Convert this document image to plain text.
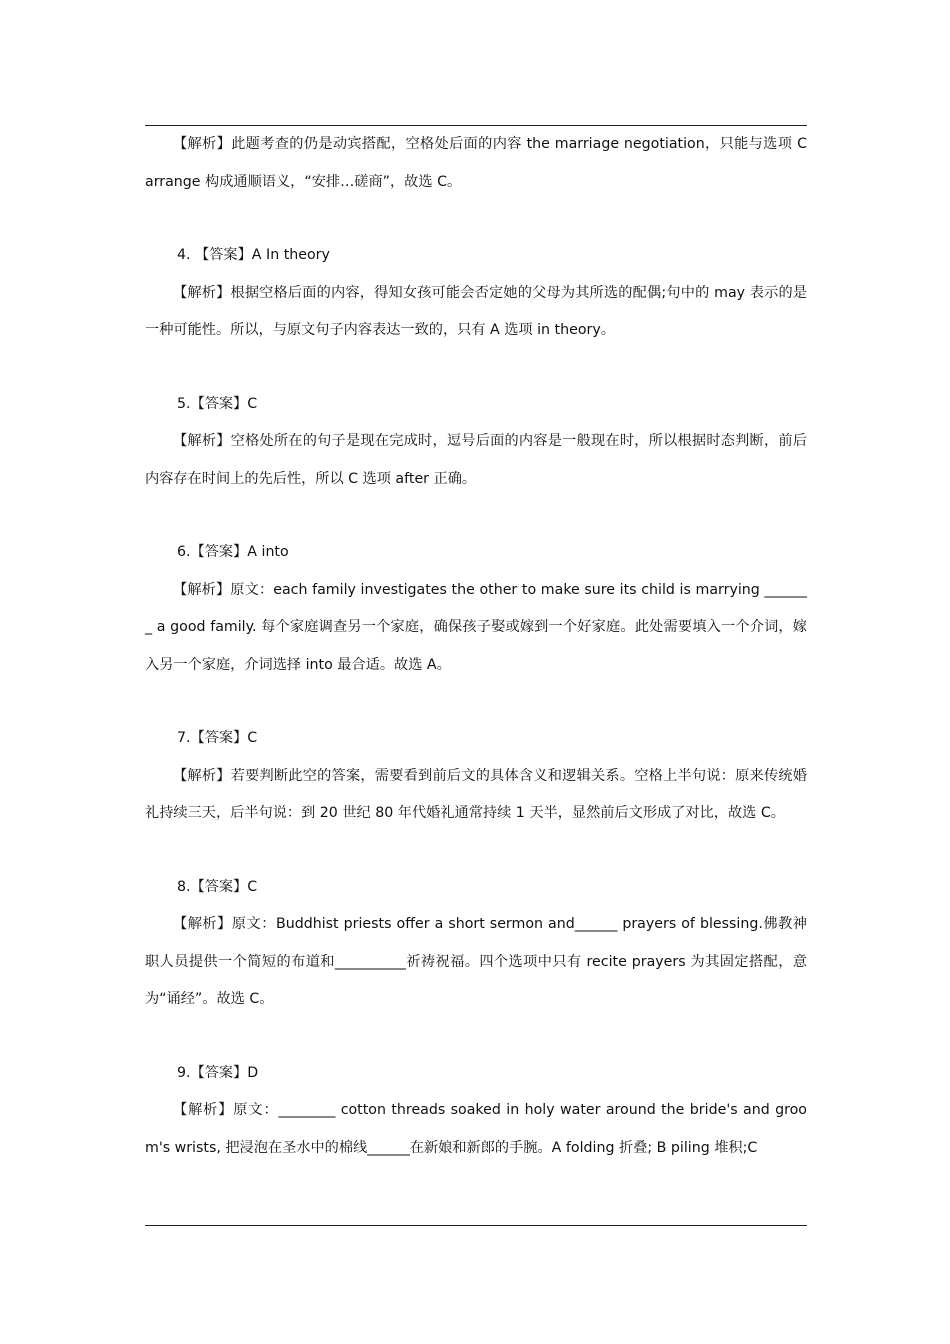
【解析】此题考查的仍是动宾搭配，空格处后面的内容 the marriage negotiation，只能与选项 C arrange 构成通顺语义，“安排…磋商”，故选 C。

4. 【答案】A In theory

【解析】根据空格后面的内容，得知女孩可能会否定她的父母为其所选的配偶;句中的 may 表示的是一种可能性。所以，与原文句子内容表达一致的，只有 A 选项 in theory。

5.【答案】C

【解析】空格处所在的句子是现在完成时，逗号后面的内容是一般现在时，所以根据时态判断，前后内容存在时间上的先后性，所以 C 选项 after 正确。

6.【答案】A into

【解析】原文：each family investigates the other to make sure its child is marrying _______ a good family. 每个家庭调查另一个家庭，确保孩子娶或嫁到一个好家庭。此处需要填入一个介词，嫁入另一个家庭，介词选择 into 最合适。故选 A。

7.【答案】C

【解析】若要判断此空的答案，需要看到前后文的具体含义和逻辑关系。空格上半句说：原来传统婚礼持续三天，后半句说：到 20 世纪 80 年代婚礼通常持续 1 天半，显然前后文形成了对比，故选 C。

8.【答案】C

【解析】原文：Buddhist priests offer a short sermon and______ prayers of blessing.佛教神职人员提供一个简短的布道和__________祈祷祝福。四个选项中只有 recite prayers 为其固定搭配，意为“诵经”。故选 C。

9.【答案】D

【解析】原文：________ cotton threads soaked in holy water around the bride's and groom's wrists, 把浸泡在圣水中的棉线______在新娘和新郎的手腕。A folding 折叠; B piling 堆积;C
